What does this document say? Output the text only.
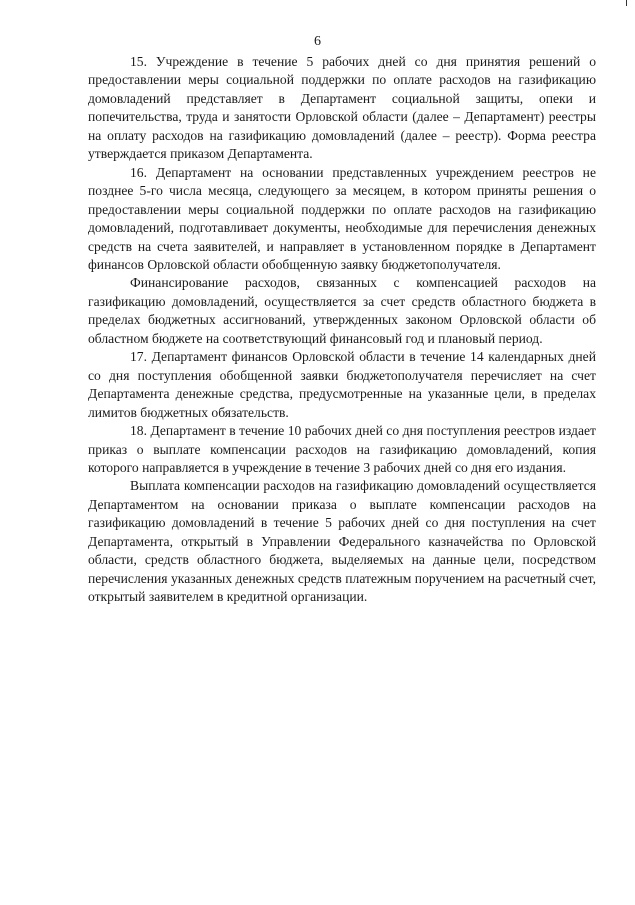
6

15. Учреждение в течение 5 рабочих дней со дня принятия решений о предоставлении меры социальной поддержки по оплате расходов на газификацию домовладений представляет в Департамент социальной защиты, опеки и попечительства, труда и занятости Орловской области (далее – Департамент) реестры на оплату расходов на газификацию домовладений (далее – реестр). Форма реестра утверждается приказом Департамента.

16. Департамент на основании представленных учреждением реестров не позднее 5-го числа месяца, следующего за месяцем, в котором приняты решения о предоставлении меры социальной поддержки по оплате расходов на газификацию домовладений, подготавливает документы, необходимые для перечисления денежных средств на счета заявителей, и направляет в установленном порядке в Департамент финансов Орловской области обобщенную заявку бюджетополучателя.

Финансирование расходов, связанных с компенсацией расходов на газификацию домовладений, осуществляется за счет средств областного бюджета в пределах бюджетных ассигнований, утвержденных законом Орловской области об областном бюджете на соответствующий финансовый год и плановый период.

17. Департамент финансов Орловской области в течение 14 календарных дней со дня поступления обобщенной заявки бюджетополучателя перечисляет на счет Департамента денежные средства, предусмотренные на указанные цели, в пределах лимитов бюджетных обязательств.

18. Департамент в течение 10 рабочих дней со дня поступления реестров издает приказ о выплате компенсации расходов на газификацию домовладений, копия которого направляется в учреждение в течение 3 рабочих дней со дня его издания.

Выплата компенсации расходов на газификацию домовладений осуществляется Департаментом на основании приказа о выплате компенсации расходов на газификацию домовладений в течение 5 рабочих дней со дня поступления на счет Департамента, открытый в Управлении Федерального казначейства по Орловской области, средств областного бюджета, выделяемых на данные цели, посредством перечисления указанных денежных средств платежным поручением на расчетный счет, открытый заявителем в кредитной организации.
